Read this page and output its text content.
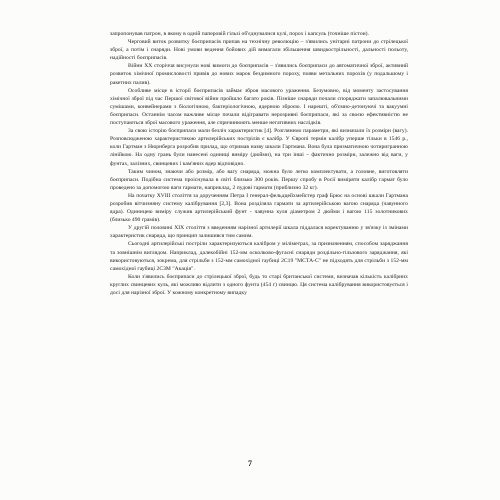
запропонував патрон, в якому в одній паперовій гільзі об'єднувалися кулі, порох і капсуль (точніше пістон).

Черговий виток розвитку боєприпасів припав на технічну революцію – з'явились унітарні патрони до стрілецької зброї, а потім і снаряди. Нові умови ведення бойових дій вимагали збільшення швидкострільності, дальності польоту, надійності боєприпасів.

Війни XX сторіччя висунули нові вимоги до боєприпасів – з'явились боєприпаси до автоматичної зброї, активний розвиток хімічної промисловості привів до нових марок бездимного пороху, появи метальних порохів (у подальшому і ракетних палив).

Особливе місце в історії боєприпасів займає зброя масового ураження. Безумовно, від моменту застосування хімічної зброї під час Першої світової війни пройшло багато років. Пізніше снаряди почали споряджати запалювальними сумішами, конвейнерами з біологічною, бактеріологічною, ядерною зброєю. І нарешті, об'ємно-детонуючі та вакуумні боєприпаси. Останнім часом важливе місце почали відігравати нерозривні боєприпаси, які за своєю ефективністю не поступаються зброї масового ураження, але спричинюють менше негативних наслідків.

За свою історію боєприпаси мали безліч характеристик [4]. Розглянемо параметри, які визначали їх розміри (вагу). Розповсюдженою характеристикою артилерійських пострілів є калібр. У Європі термін калібр уперше тільки в 1546 р., коли Гартман з Нюрнберга розробив прилад, що отримав назву шкали Гартмана. Вона була призматичною чотиригранною лінійкою. На одну грань були нанесені одиниці виміру (дюйми), на три інші – фактично розміри, залежно від ваги, у фунтах, залізних, свинцевих і кам'яних ядер відповідно.

Таким чином, знаючи або розмір, або вагу снаряда, можна було легко комплектувати, а головне, виготовляти боєприпаси. Подібна система проіснувала в світі близько 300 років. Першу спробу в Росії виміряти калібр гармат було проведено за допомогою ваги гармати, наприклад, 2 пудові гармати (приблизно 32 кг).

На початку XVIII століття за дорученням Петра I генерал-фельдцейхмейстер граф Брюс на основі шкали Гартмана розробив вітчизняну систему калібрування [2,3]. Вона розділяла гармати за артилерійською вагою снаряда (чавунного ядра). Одиницею виміру служив артилерійський фунт - чавунна куля діаметром 2 дюйми і вагою 115 золотникових (близько 490 грамів).

У другій половині XIX століття з введенням нарізної артилерії шкала піддалася коректуванню у зв'язку із змінами характеристик снаряда, що принцип залишився тим самим.

Сьогодні артилерійські постріли характеризуються калібром у міліметрах, за призначенням, способом заряджання та зовнішнім виглядом. Наприклад, далекобійні 152-мм осколково-фугасні снаряди роздільно-гільзового заряджання, які використовуються, зокрема, для стрільби з 152-мм самохідної гаубиці 2С19 "МСТА-С" не підходять для стрільби з 152-мм самохідної гаубиці 2С3М "Акація".

Коли з'явились боєприпаси до стрілецької зброї, будь то старі британської системи, визначав кількість калібрних круглих свинцевих куль, які можливо відлити з одного фунта (454 г) свинцю. Ця система калібрування використовується і досі для нарізної зброї. У кожному конкретному випадку

7
